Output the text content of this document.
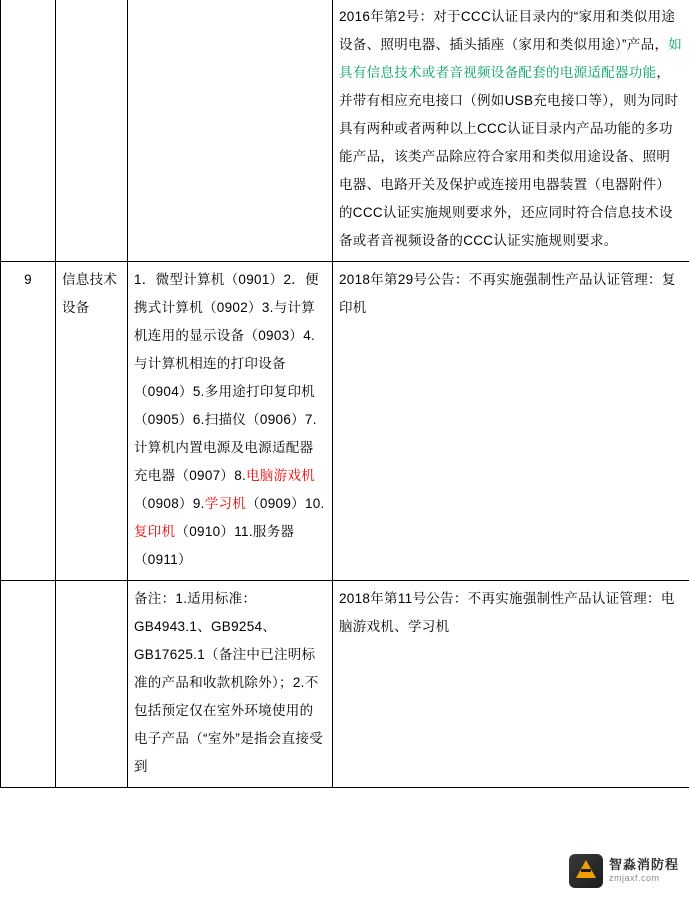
			2016年第2号：对于CCC认证目录内的“家用和类似用途设备、照明电器、插头插座（家用和类似用途）”产品，如具有信息技术或者音视频设备配套的电源适配器功能，并带有相应充电接口（例如USB充电接口等），则为同时具有两种或者两种以上CCC认证目录内产品功能的多功能产品，该类产品除应符合家用和类似用途设备、照明电器、电路开关及保护或连接用电器装置（电器附件）的CCC认证实施规则要求外，还应同时符合信息技术设备或者音视频设备的CCC认证实施规则要求。
9	信息技术设备	1．微型计算机（0901）2．便携式计算机（0902）3.与计算机连用的显示设备（0903）4.与计算机相连的打印设备（0904）5.多用途打印复印机（0905）6.扫描仪（0906）7.计算机内置电源及电源适配器充电器（0907）8.电脑游戏机（0908）9.学习机（0909）10.复印机（0910）11.服务器（0911）	2018年第29号公告：不再实施强制性产品认证管理：复印机
		备注：1.适用标准：GB4943.1、GB9254、GB17625.1（备注中已注明标准的产品和收款机除外）；2.不包括预定仅在室外环境使用的电子产品（“室外”是指会直接受到	2018年第11号公告：不再实施强制性产品认证管理：电脑游戏机、学习机
智淼消防程
zmjaxf.com
